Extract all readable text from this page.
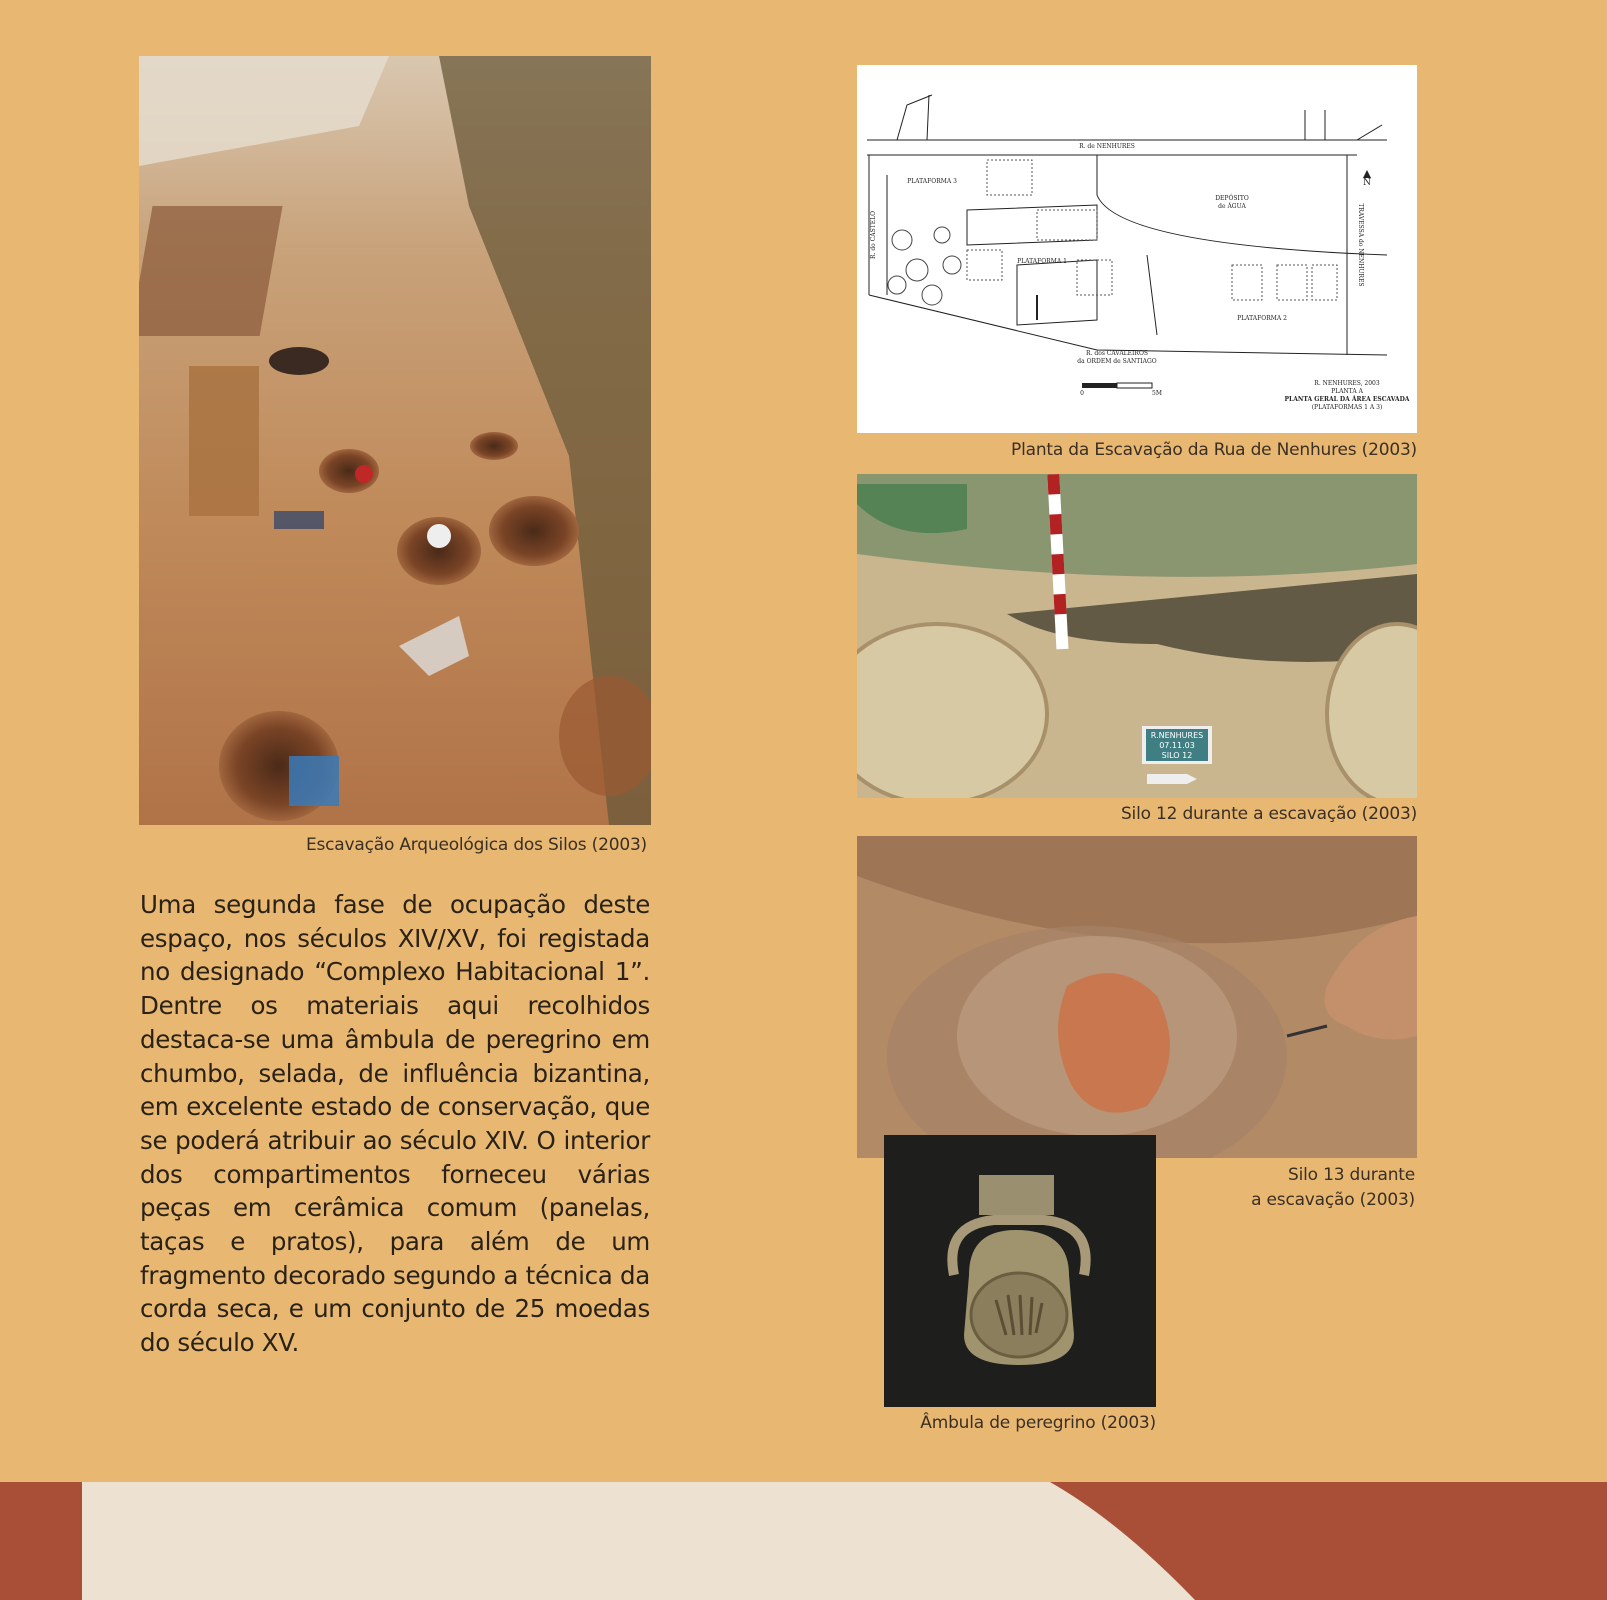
Escavação Arqueológica dos Silos (2003)
Uma segunda fase de ocupação deste espaço, nos séculos XIV/XV, foi registada no designado “Complexo Habitacional 1”. Dentre os materiais aqui recolhidos destaca-se uma âmbula de peregrino em chumbo, selada, de influência bizantina, em excelente estado de conservação, que se poderá atribuir ao século XIV. O interior dos compartimentos forneceu várias peças em cerâmica comum (panelas, taças e pratos), para além de um fragmento decorado segundo a técnica da corda seca, e um conjunto de 25 moedas do século XV.
R. de NENHURES
PLATAFORMA 3
DEPÓSITO
de ÁGUA
PLATAFORMA 1
PLATAFORMA 2
R. dos CAVALEIROS
da ORDEM de SANTIAGO
N
R. NENHURES, 2003
PLANTA A
PLANTA GERAL DA ÁREA ESCAVADA
(PLATAFORMAS 1 A 3)
0	5M
R. do CASTELO	TRAVESSA do NENHURES
Planta da Escavação da Rua de Nenhures (2003)
R.NENHURES
07.11.03
SILO 12
Silo 12 durante a escavação (2003)
Silo 13 durante
a escavação (2003)
Âmbula de peregrino (2003)
